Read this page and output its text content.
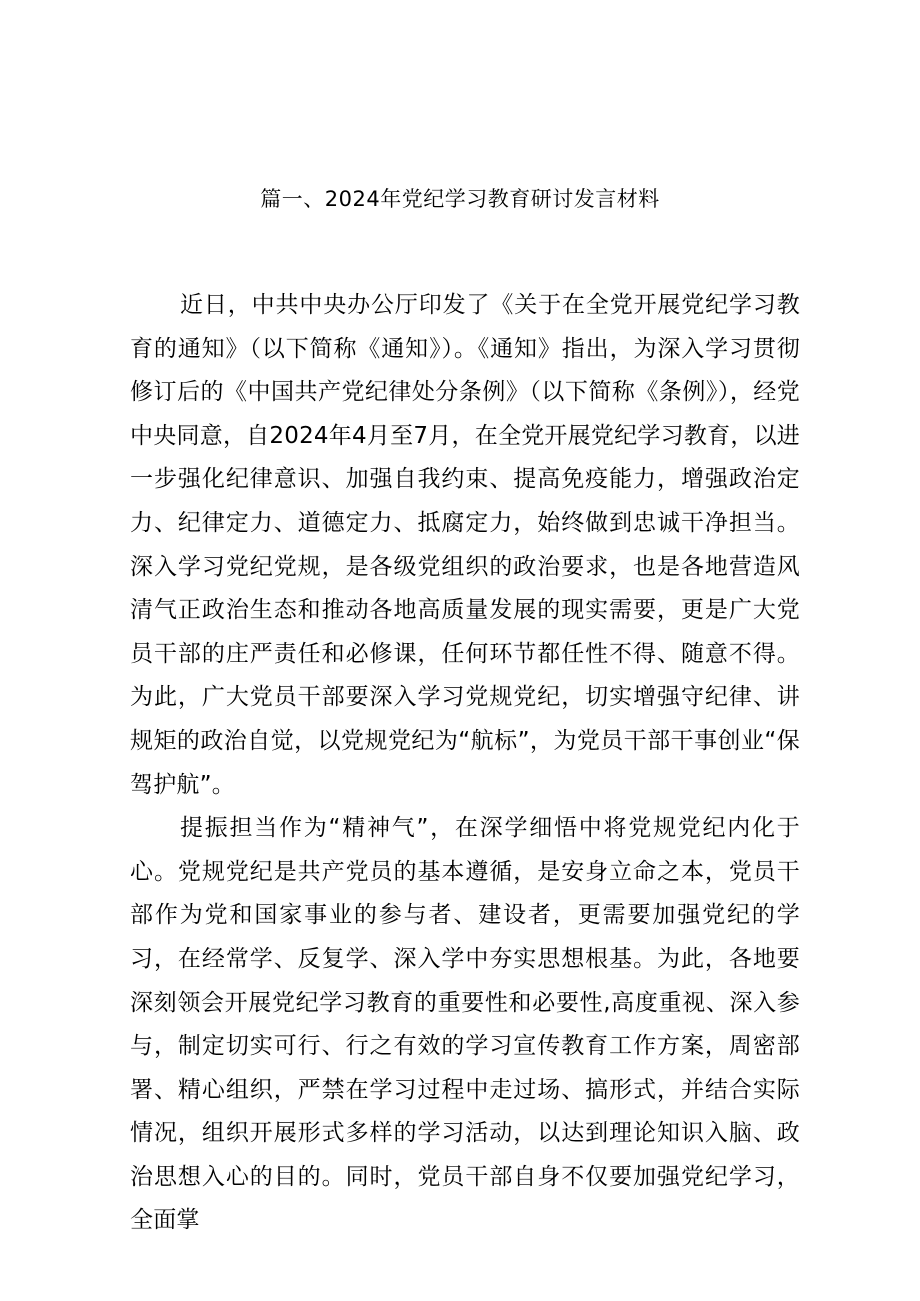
篇一、2024年党纪学习教育研讨发言材料

近日，中共中央办公厅印发了《关于在全党开展党纪学习教育的通知》（以下简称《通知》）。《通知》指出，为深入学习贯彻修订后的《中国共产党纪律处分条例》（以下简称《条例》），经党中央同意，自2024年4月至7月，在全党开展党纪学习教育，以进一步强化纪律意识、加强自我约束、提高免疫能力，增强政治定力、纪律定力、道德定力、抵腐定力，始终做到忠诚干净担当。深入学习党纪党规，是各级党组织的政治要求，也是各地营造风清气正政治生态和推动各地高质量发展的现实需要，更是广大党员干部的庄严责任和必修课，任何环节都任性不得、随意不得。为此，广大党员干部要深入学习党规党纪，切实增强守纪律、讲规矩的政治自觉，以党规党纪为“航标”，为党员干部干事创业“保驾护航”。

提振担当作为“精神气”，在深学细悟中将党规党纪内化于心。党规党纪是共产党员的基本遵循，是安身立命之本，党员干部作为党和国家事业的参与者、建设者，更需要加强党纪的学习，在经常学、反复学、深入学中夯实思想根基。为此，各地要深刻领会开展党纪学习教育的重要性和必要性,高度重视、深入参与，制定切实可行、行之有效的学习宣传教育工作方案，周密部署、精心组织，严禁在学习过程中走过场、搞形式，并结合实际情况，组织开展形式多样的学习活动，以达到理论知识入脑、政治思想入心的目的。同时，党员干部自身不仅要加强党纪学习，全面掌
